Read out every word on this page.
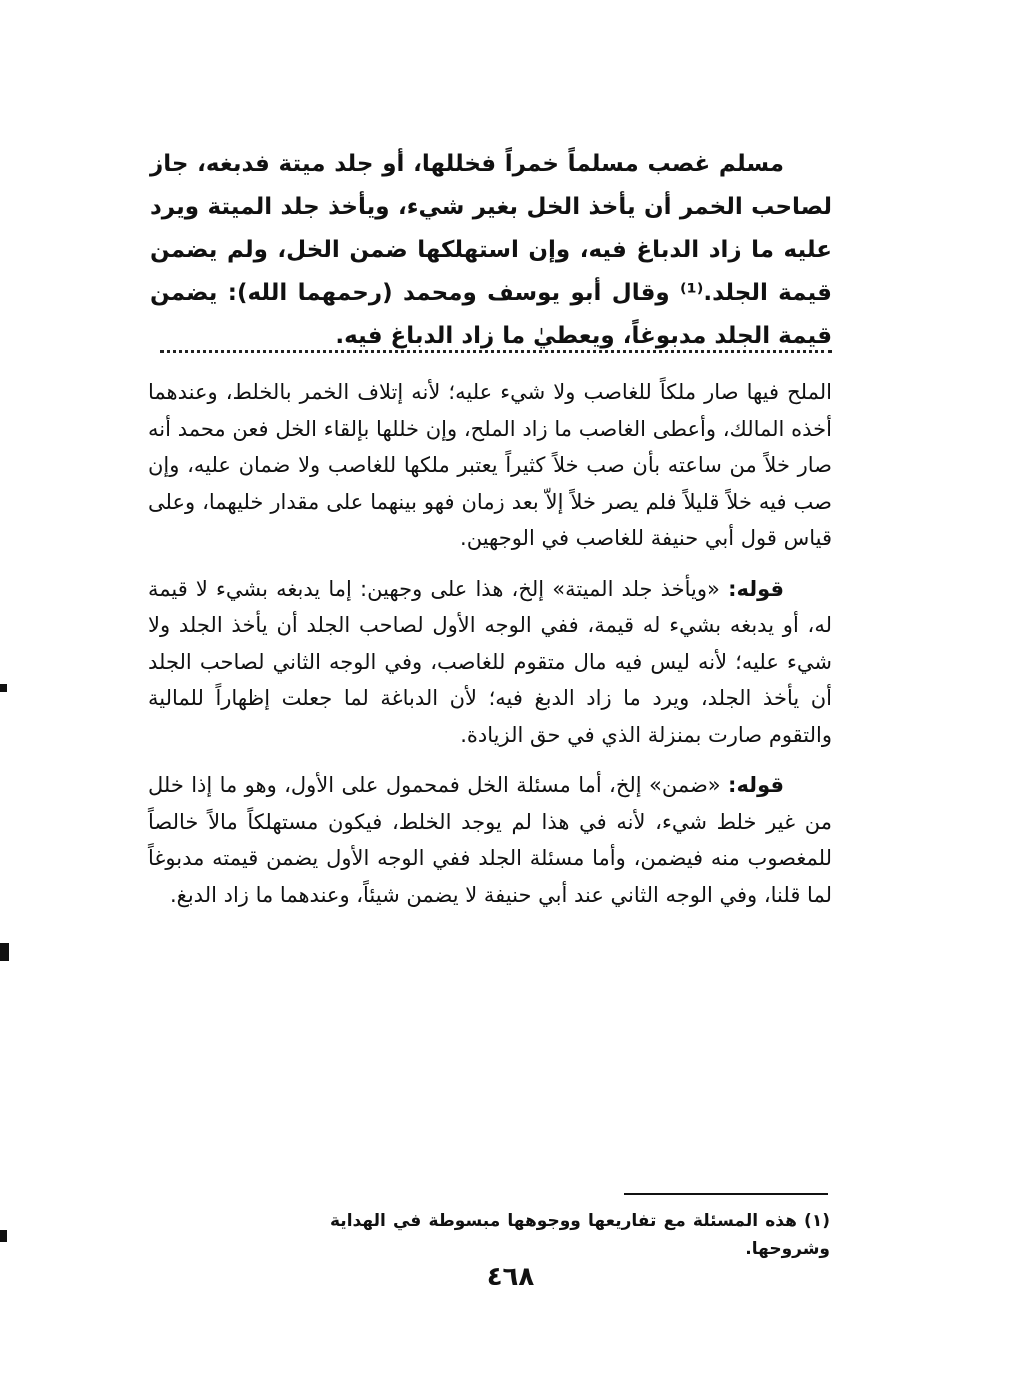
مسلم غصب مسلماً خمراً فخللها، أو جلد ميتة فدبغه، جاز لصاحب الخمر أن يأخذ الخل بغير شيء، ويأخذ جلد الميتة ويرد عليه ما زاد الدباغ فيه، وإن استهلكها ضمن الخل، ولم يضمن قيمة الجلد.⁽¹⁾ وقال أبو يوسف ومحمد (رحمهما الله): يضمن قيمة الجلد مدبوغاً، ويعطيٰ ما زاد الدباغ فيه.

الملح فيها صار ملكاً للغاصب ولا شيء عليه؛ لأنه إتلاف الخمر بالخلط، وعندهما أخذه المالك، وأعطى الغاصب ما زاد الملح، وإن خللها بإلقاء الخل فعن محمد أنه صار خلاً من ساعته بأن صب خلاً كثيراً يعتبر ملكها للغاصب ولا ضمان عليه، وإن صب فيه خلاً قليلاً فلم يصر خلاً إلاّ بعد زمان فهو بينهما على مقدار خليهما، وعلى قياس قول أبي حنيفة للغاصب في الوجهين.

قوله: «ويأخذ جلد الميتة» إلخ، هذا على وجهين: إما يدبغه بشيء لا قيمة له، أو يدبغه بشيء له قيمة، ففي الوجه الأول لصاحب الجلد أن يأخذ الجلد ولا شيء عليه؛ لأنه ليس فيه مال متقوم للغاصب، وفي الوجه الثاني لصاحب الجلد أن يأخذ الجلد، ويرد ما زاد الدبغ فيه؛ لأن الدباغة لما جعلت إظهاراً للمالية والتقوم صارت بمنزلة الذي في حق الزيادة.

قوله: «ضمن» إلخ، أما مسئلة الخل فمحمول على الأول، وهو ما إذا خلل من غير خلط شيء، لأنه في هذا لم يوجد الخلط، فيكون مستهلكاً مالاً خالصاً للمغصوب منه فيضمن، وأما مسئلة الجلد ففي الوجه الأول يضمن قيمته مدبوغاً لما قلنا، وفي الوجه الثاني عند أبي حنيفة لا يضمن شيئاً، وعندهما ما زاد الدبغ.

(١) هذه المسئلة مع تفاريعها ووجوهها مبسوطة في الهداية وشروحها.
٤٦٨
